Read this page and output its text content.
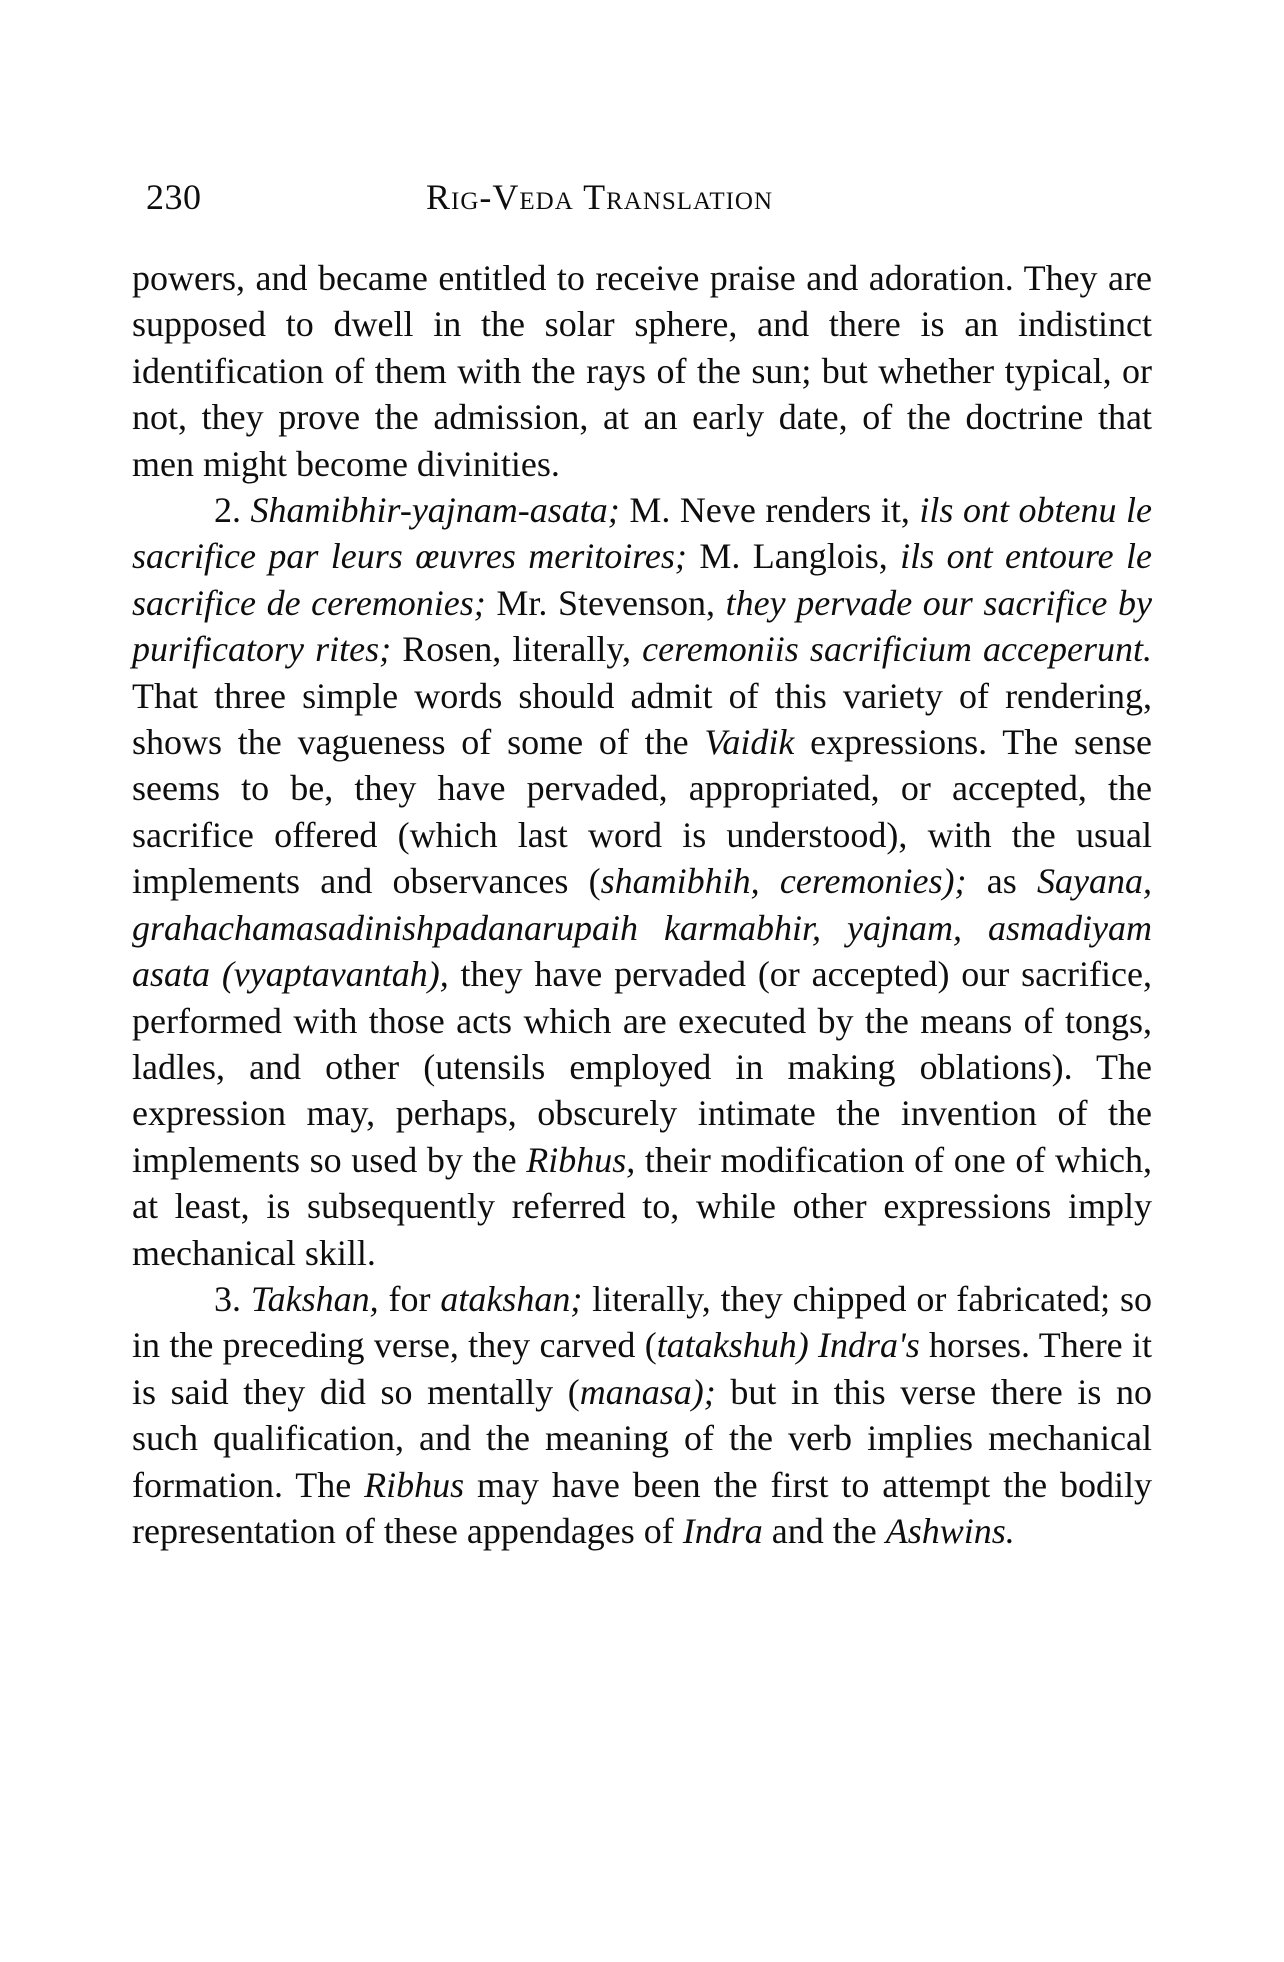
230	Rig-Veda Translation

powers, and became entitled to receive praise and adoration. They are supposed to dwell in the solar sphere, and there is an indistinct identification of them with the rays of the sun; but whether typical, or not, they prove the admission, at an early date, of the doctrine that men might become divinities.

2. Shamibhir-yajnam-asata; M. Neve renders it, ils ont obtenu le sacrifice par leurs œuvres meritoires; M. Langlois, ils ont entoure le sacrifice de ceremonies; Mr. Stevenson, they pervade our sacrifice by purificatory rites; Rosen, literally, ceremoniis sacrificium acceperunt. That three simple words should admit of this variety of rendering, shows the vagueness of some of the Vaidik expressions. The sense seems to be, they have pervaded, appropriated, or accepted, the sacrifice offered (which last word is understood), with the usual implements and observances (shamibhih, ceremonies); as Sayana, grahachamasadinishpadanarupaih karmabhir, yajnam, asmadiyam asata (vyaptavantah), they have pervaded (or accepted) our sacrifice, performed with those acts which are executed by the means of tongs, ladles, and other (utensils employed in making oblations). The expression may, perhaps, obscurely intimate the invention of the implements so used by the Ribhus, their modification of one of which, at least, is subsequently referred to, while other expressions imply mechanical skill.

3. Takshan, for atakshan; literally, they chipped or fabricated; so in the preceding verse, they carved (tatakshuh) Indra's horses. There it is said they did so mentally (manasa); but in this verse there is no such qualification, and the meaning of the verb implies mechanical formation. The Ribhus may have been the first to attempt the bodily representation of these appendages of Indra and the Ashwins.
